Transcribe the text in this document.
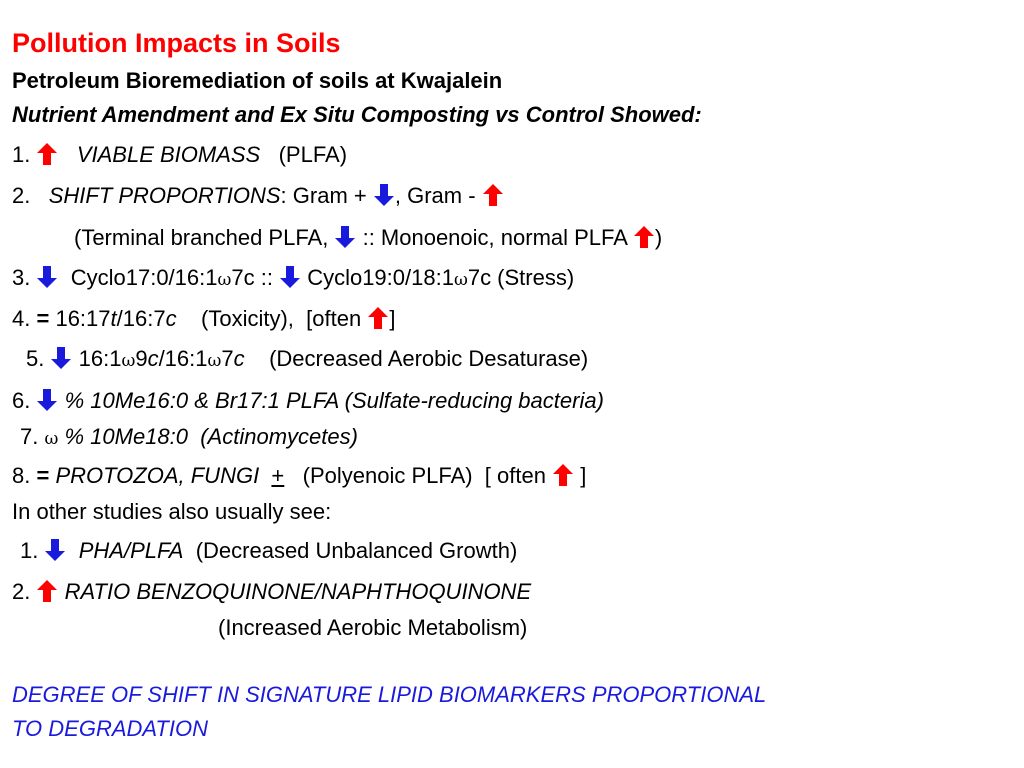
Pollution Impacts in Soils
Petroleum Bioremediation of soils at Kwajalein
Nutrient Amendment and Ex Situ Composting vs Control Showed:
1. VIABLE BIOMASS (PLFA)
2. SHIFT PROPORTIONS: Gram + , Gram -
(Terminal branched PLFA,
:: Monoenoic, normal PLFA )
3. Cyclo17:0/16:1ω7c :: Cyclo19:0/18:1ω7c (Stress)
4. = 16:17t/16:7c    (Toxicity),  [often ]
5. 16:1ω9c/16:1ω7c    (Decreased Aerobic Desaturase)
6. % 10Me16:0 & Br17:1 PLFA (Sulfate-reducing bacteria)
7. ω % 10Me18:0  (Actinomycetes)
8. = PROTOZOA, FUNGI +   (Polyenoic PLFA)  [ often
]
In other studies also usually see:
1. PHA/PLFA  (Decreased Unbalanced Growth)
2. RATIO BENZOQUINONE/NAPHTHOQUINONE
(Increased Aerobic Metabolism)
DEGREE OF SHIFT IN SIGNATURE LIPID BIOMARKERS PROPORTIONAL
TO DEGRADATION
